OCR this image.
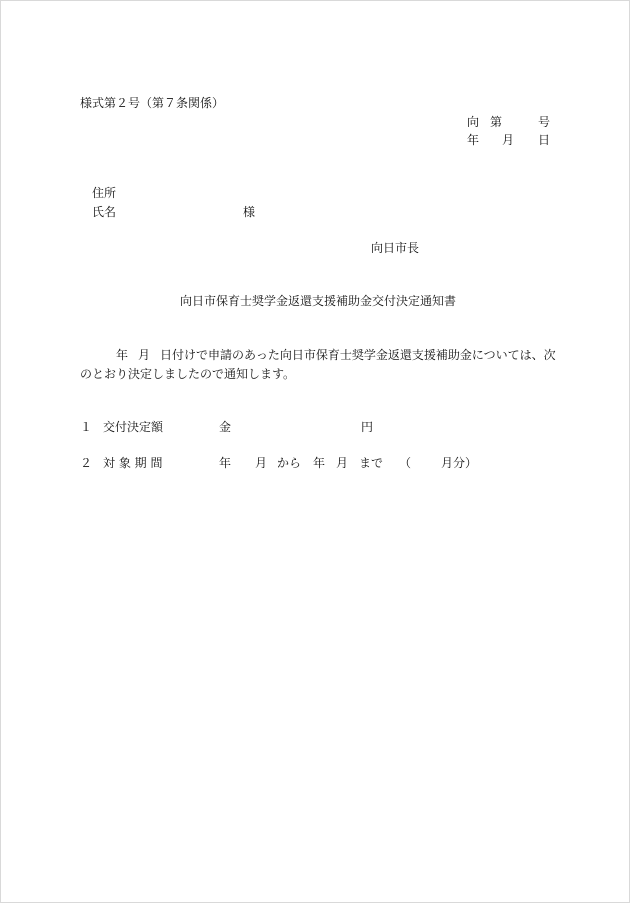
様式第２号（第７条関係）
向 第	号
年 月 日
住所
氏名	様
向日市長
向日市保育士奨学金返還支援補助金交付決定通知書
年 月 日付けで申請のあった向日市保育士奨学金返還支援補助金については、次
のとおり決定しましたので通知します。
１ 交付決定額	金	円
２ 対 象 期 間	年 月 から 年 月 まで （ 月分）
